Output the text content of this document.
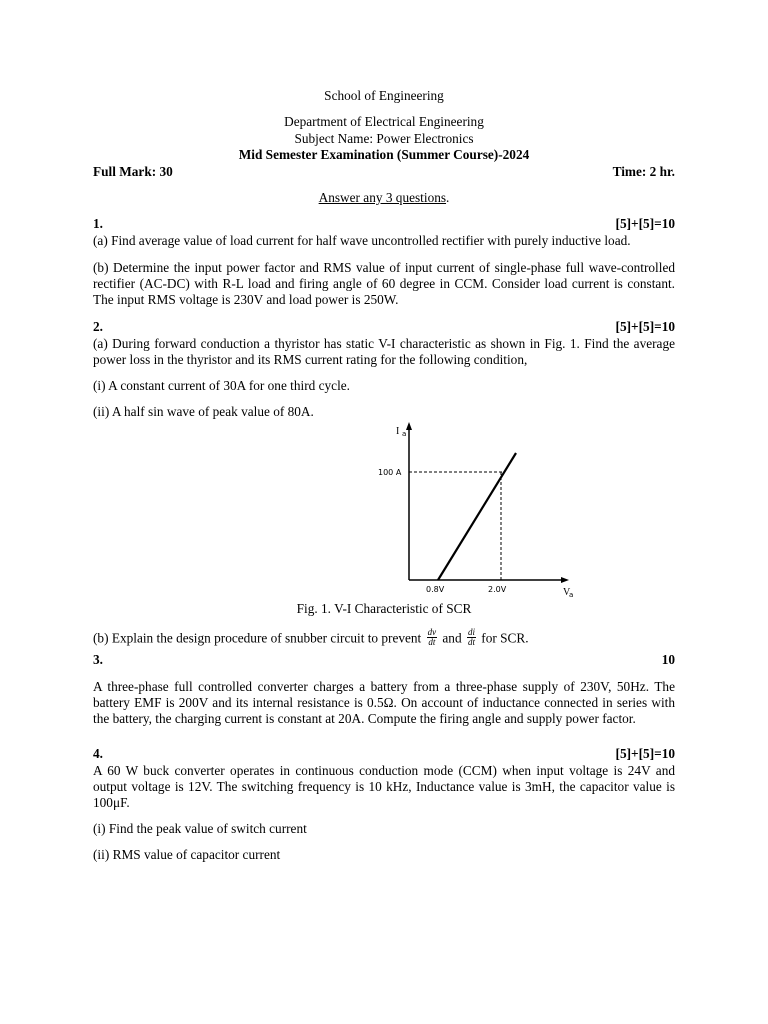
School of Engineering
Department of Electrical Engineering
Subject Name: Power Electronics
Mid Semester Examination (Summer Course)-2024
Full Mark: 30	Time: 2 hr.
Answer any 3 questions.
1.	[5]+[5]=10
(a) Find average value of load current for half wave uncontrolled rectifier with purely inductive load.
(b) Determine the input power factor and RMS value of input current of single-phase full wave-controlled rectifier (AC-DC) with R-L load and firing angle of 60 degree in CCM. Consider load current is constant. The input RMS voltage is 230V and load power is 250W.
2.	[5]+[5]=10
(a) During forward conduction a thyristor has static V-I characteristic as shown in Fig. 1. Find the average power loss in the thyristor and its RMS current rating for the following condition,
(i) A constant current of 30A for one third cycle.
(ii) A half sin wave of peak value of 80A.
Fig. 1. V-I Characteristic of SCR
(b) Explain the design procedure of snubber circuit to prevent $\frac{dv}{dt}$ and $\frac{di}{dt}$ for SCR.
3.	10
A three-phase full controlled converter charges a battery from a three-phase supply of 230V, 50Hz. The battery EMF is 200V and its internal resistance is 0.5Ω. On account of inductance connected in series with the battery, the charging current is constant at 20A. Compute the firing angle and supply power factor.
4.	[5]+[5]=10
A 60 W buck converter operates in continuous conduction mode (CCM) when input voltage is 24V and output voltage is 12V. The switching frequency is 10 kHz, Inductance value is 3mH, the capacitor value is 100μF.
(i) Find the peak value of switch current
(ii) RMS value of capacitor current
I a
100 A
0.8V	2.0V	V
a
